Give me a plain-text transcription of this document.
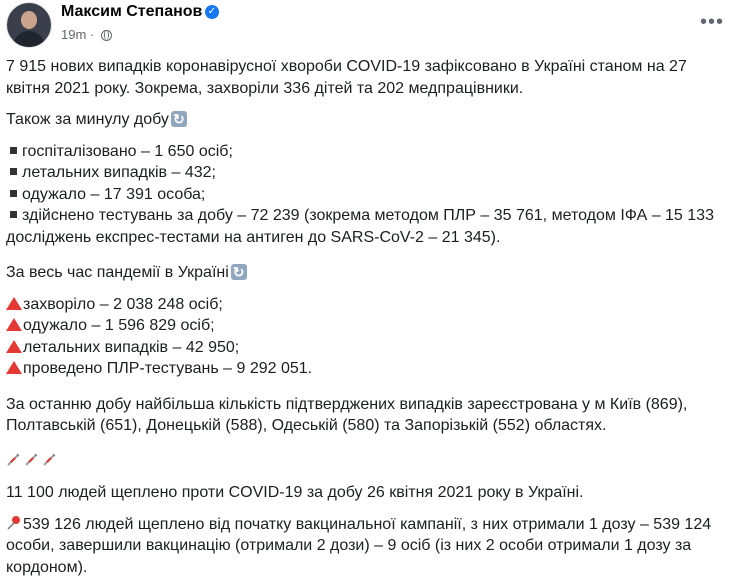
Максим Степанов ✓
19m ·
•••

7 915 нових випадків коронавірусної хвороби COVID-19 зафіксовано в Україні станом на 27 квітня 2021 року. Зокрема, захворіли 336 дітей та 202 медпрацівники.

Також за минулу добу↻

госпіталізовано – 1 650 осіб;

летальних випадків – 432;

одужало – 17 391 особа;

здійснено тестувань за добу – 72 239 (зокрема методом ПЛР – 35 761, методом ІФА – 15 133 досліджень експрес-тестами на антиген до SARS-CoV-2 – 21 345).

За весь час пандемії в Україні↻

захворіло – 2 038 248 осіб;

одужало – 1 596 829 осіб;

летальних випадків – 42 950;

проведено ПЛР-тестувань – 9 292 051.

За останню добу найбільша кількість підтверджених випадків зареєстрована у м Київ (869), Полтавській (651), Донецькій (588), Одеській (580) та Запорізькій (552) областях.

11 100 людей щеплено проти COVID-19 за добу 26 квітня 2021 року в Україні.

539 126 людей щеплено від початку вакцинальної кампанії, з них отримали 1 дозу – 539 124 особи, завершили вакцинацію (отримали 2 дози) – 9 осіб (із них 2 особи отримали 1 дозу за кордоном).
